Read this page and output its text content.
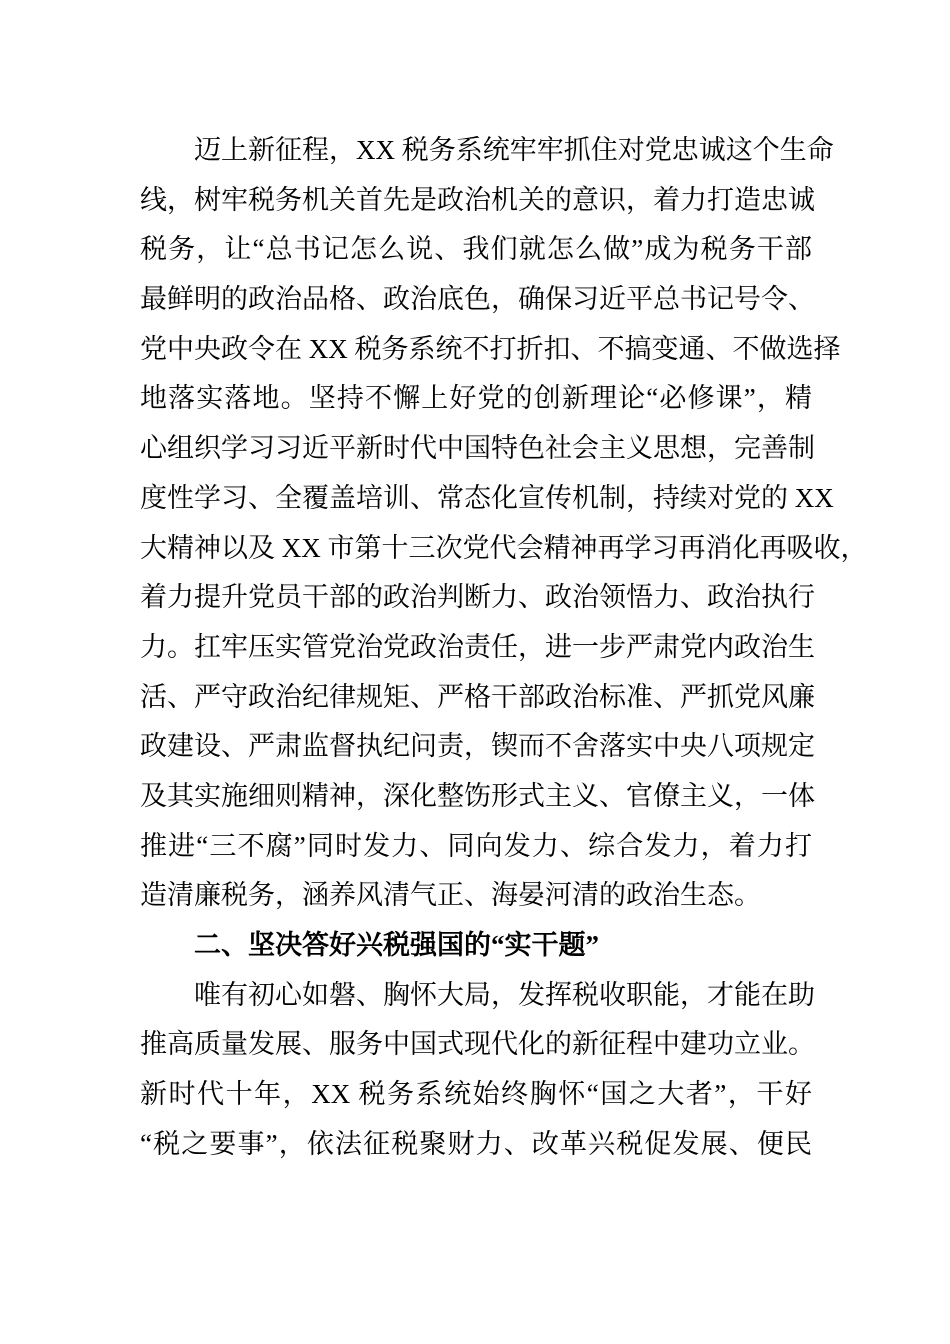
迈上新征程，XX 税务系统牢牢抓住对党忠诚这个生命
线，树牢税务机关首先是政治机关的意识，着力打造忠诚
税务，让“总书记怎么说、我们就怎么做”成为税务干部
最鲜明的政治品格、政治底色，确保习近平总书记号令、
党中央政令在 XX 税务系统不打折扣、不搞变通、不做选择
地落实落地。坚持不懈上好党的创新理论“必修课”，精
心组织学习习近平新时代中国特色社会主义思想，完善制
度性学习、全覆盖培训、常态化宣传机制，持续对党的 XX
大精神以及 XX 市第十三次党代会精神再学习再消化再吸收，
着力提升党员干部的政治判断力、政治领悟力、政治执行
力。扛牢压实管党治党政治责任，进一步严肃党内政治生
活、严守政治纪律规矩、严格干部政治标准、严抓党风廉
政建设、严肃监督执纪问责，锲而不舍落实中央八项规定
及其实施细则精神，深化整饬形式主义、官僚主义，一体
推进“三不腐”同时发力、同向发力、综合发力，着力打
造清廉税务，涵养风清气正、海晏河清的政治生态。
二、坚决答好兴税强国的“实干题”
唯有初心如磐、胸怀大局，发挥税收职能，才能在助
推高质量发展、服务中国式现代化的新征程中建功立业。
新时代十年，XX 税务系统始终胸怀“国之大者”，干好
“税之要事”，依法征税聚财力、改革兴税促发展、便民
